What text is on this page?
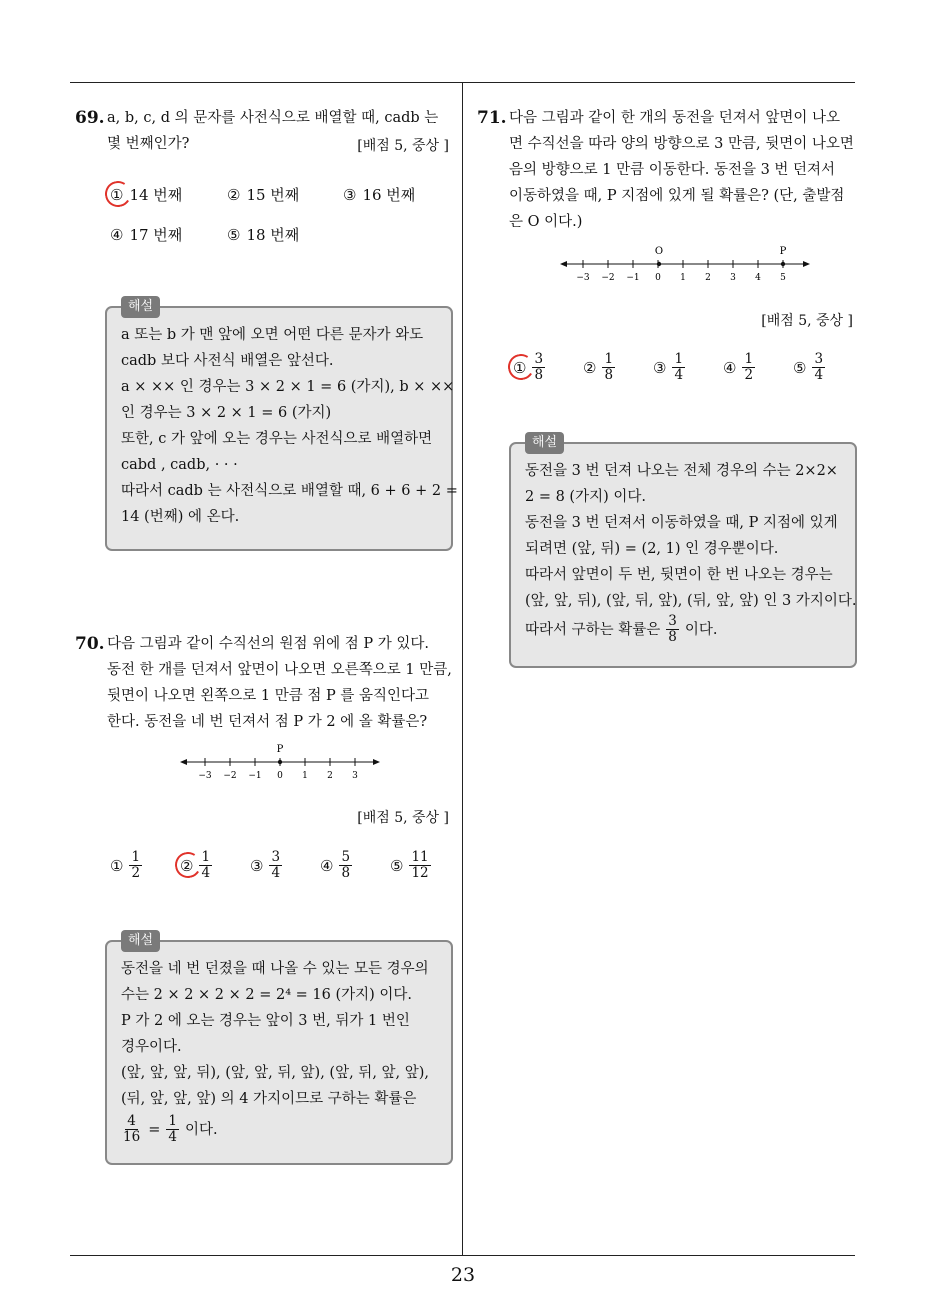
69. a, b, c, d 의 문자를 사전식으로 배열할 때, cadb 는
몇 번째인가?	[배점 5, 중상 ]
① 14 번째	② 15 번째	③ 16 번째
④ 17 번째	⑤ 18 번째
해설
a 또는 b 가 맨 앞에 오면 어떤 다른 문자가 와도
cadb 보다 사전식 배열은 앞선다.
a × ×× 인 경우는 3 × 2 × 1 = 6 (가지), b × ××
인 경우는 3 × 2 × 1 = 6 (가지)
또한, c 가 앞에 오는 경우는 사전식으로 배열하면
cabd , cadb, · · ·
따라서 cadb 는 사전식으로 배열할 때, 6 + 6 + 2 =
14 (번째) 에 온다.
70. 다음 그림과 같이 수직선의 원점 위에 점 P 가 있다.
동전 한 개를 던져서 앞면이 나오면 오른쪽으로 1 만큼,
뒷면이 나오면 왼쪽으로 1 만큼 점 P 를 움직인다고
한다. 동전을 네 번 던져서 점 P 가 2 에 올 확률은?
−3 −2 −1 0 1 2 3
P
[배점 5, 중상 ]
① $\frac{1}{2}$	② $\frac{1}{4}$	③ $\frac{3}{4}$	④ $\frac{5}{8}$	⑤ $\frac{11}{12}$
해설
동전을 네 번 던졌을 때 나올 수 있는 모든 경우의
수는 2 × 2 × 2 × 2 = 2⁴ = 16 (가지) 이다.
P 가 2 에 오는 경우는 앞이 3 번, 뒤가 1 번인
경우이다.
(앞, 앞, 앞, 뒤), (앞, 앞, 뒤, 앞), (앞, 뒤, 앞, 앞),
(뒤, 앞, 앞, 앞) 의 4 가지이므로 구하는 확률은
$\frac{4}{16} = \frac{1}{4}$ 이다.
71. 다음 그림과 같이 한 개의 동전을 던져서 앞면이 나오
면 수직선을 따라 양의 방향으로 3 만큼, 뒷면이 나오면
음의 방향으로 1 만큼 이동한다. 동전을 3 번 던져서
이동하였을 때, P 지점에 있게 될 확률은? (단, 출발점
은 O 이다.)
−3 −2 −1 0 1 2 3 4 5
O	P
[배점 5, 중상 ]
① $\frac{3}{8}$	② $\frac{1}{8}$	③ $\frac{1}{4}$	④ $\frac{1}{2}$	⑤ $\frac{3}{4}$
해설
동전을 3 번 던져 나오는 전체 경우의 수는 2×2×
2 = 8 (가지) 이다.
동전을 3 번 던져서 이동하였을 때, P 지점에 있게
되려면 (앞, 뒤) = (2, 1) 인 경우뿐이다.
따라서 앞면이 두 번, 뒷면이 한 번 나오는 경우는
(앞, 앞, 뒤), (앞, 뒤, 앞), (뒤, 앞, 앞) 인 3 가지이다.
따라서 구하는 확률은 $\frac{3}{8}$ 이다.
23
